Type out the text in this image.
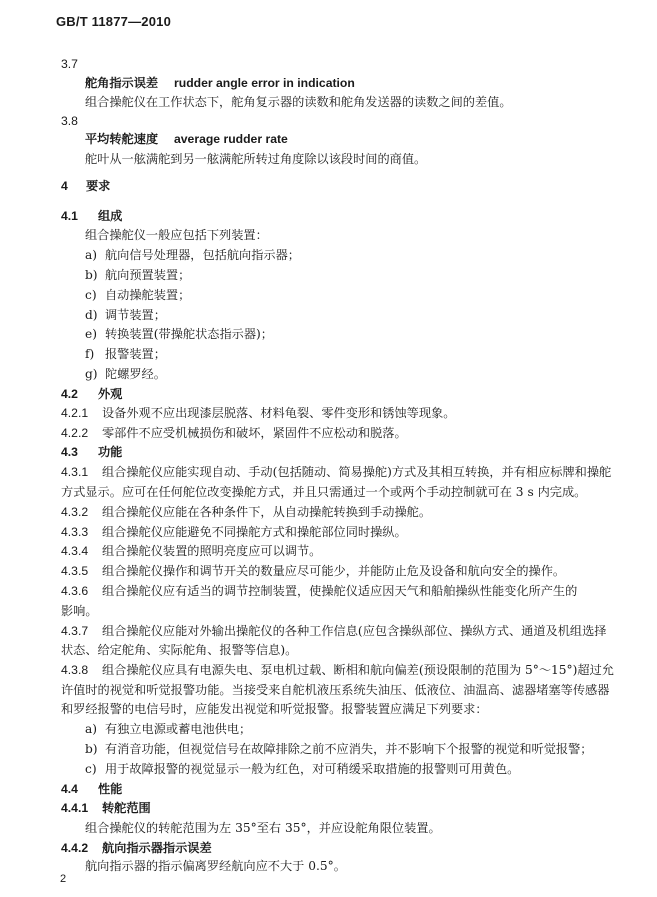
GB/T 11877—2010
3.7
舵角指示误差 rudder angle error in indication
组合操舵仪在工作状态下，舵角复示器的读数和舵角发送器的读数之间的差值。
3.8
平均转舵速度 average rudder rate
舵叶从一舷满舵到另一舷满舵所转过角度除以该段时间的商值。
4 要求
4.1 组成
组合操舵仪一般应包括下列装置：
a) 航向信号处理器，包括航向指示器；
b) 航向预置装置；
c) 自动操舵装置；
d) 调节装置；
e) 转换装置(带操舵状态指示器)；
f) 报警装置；
g) 陀螺罗经。
4.2 外观
4.2.1 设备外观不应出现漆层脱落、材料龟裂、零件变形和锈蚀等现象。
4.2.2 零部件不应受机械损伤和破坏，紧固件不应松动和脱落。
4.3 功能
4.3.1 组合操舵仪应能实现自动、手动(包括随动、简易操舵)方式及其相互转换，并有相应标牌和操舵
方式显示。应可在任何舵位改变操舵方式，并且只需通过一个或两个手动控制就可在 3 s 内完成。
4.3.2 组合操舵仪应能在各种条件下，从自动操舵转换到手动操舵。
4.3.3 组合操舵仪应能避免不同操舵方式和操舵部位同时操纵。
4.3.4 组合操舵仪装置的照明亮度应可以调节。
4.3.5 组合操舵仪操作和调节开关的数量应尽可能少，并能防止危及设备和航向安全的操作。
4.3.6 组合操舵仪应有适当的调节控制装置，使操舵仪适应因天气和船舶操纵性能变化所产生的
影响。
4.3.7 组合操舵仪应能对外输出操舵仪的各种工作信息(应包含操纵部位、操纵方式、通道及机组选择
状态、给定舵角、实际舵角、报警等信息)。
4.3.8 组合操舵仪应具有电源失电、泵电机过载、断相和航向偏差(预设限制的范围为 5°～15°)超过允
许值时的视觉和听觉报警功能。当接受来自舵机液压系统失油压、低液位、油温高、滤器堵塞等传感器
和罗经报警的电信号时，应能发出视觉和听觉报警。报警装置应满足下列要求：
a) 有独立电源或蓄电池供电；
b) 有消音功能，但视觉信号在故障排除之前不应消失，并不影响下个报警的视觉和听觉报警；
c) 用于故障报警的视觉显示一般为红色，对可稍缓采取措施的报警则可用黄色。
4.4 性能
4.4.1 转舵范围
组合操舵仪的转舵范围为左 35°至右 35°，并应设舵角限位装置。
4.4.2 航向指示器指示误差
航向指示器的指示偏离罗经航向应不大于 0.5°。
2
